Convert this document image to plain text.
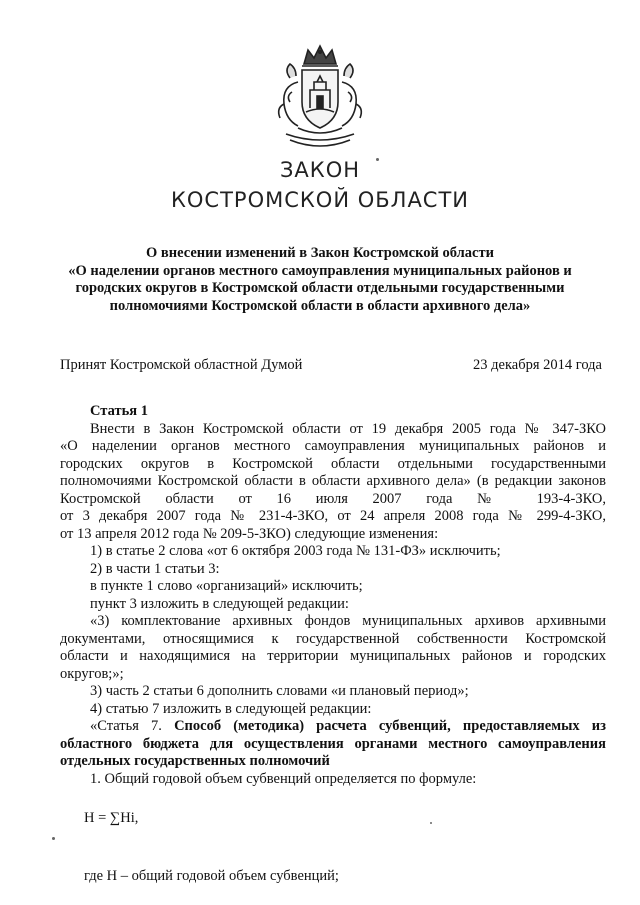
ЗАКОН
КОСТРОМСКОЙ ОБЛАСТИ
О внесении изменений в Закон Костромской области
«О наделении органов местного самоуправления муниципальных районов и
городских округов в Костромской области отдельными государственными
полномочиями Костромской области в области архивного дела»
Принят Костромской областной Думой	23 декабря 2014 года
Статья 1
Внести в Закон Костромской области от 19 декабря 2005 года № 347-ЗКО
«О наделении органов местного самоуправления муниципальных районов и
городских округов в Костромской области отдельными государственными
полномочиями Костромской области в области архивного дела» (в редакции законов
Костромской области от 16 июля 2007 года № 193-4-ЗКО,
от 3 декабря 2007 года № 231-4-ЗКО, от 24 апреля 2008 года № 299-4-ЗКО,
от 13 апреля 2012 года № 209-5-ЗКО) следующие изменения:
1) в статье 2 слова «от 6 октября 2003 года № 131-ФЗ» исключить;
2) в части 1 статьи 3:
в пункте 1 слово «организаций» исключить;
пункт 3 изложить в следующей редакции:
«3) комплектование архивных фондов муниципальных архивов архивными
документами, относящимися к государственной собственности Костромской
области и находящимися на территории муниципальных районов и городских
округов;»;
3) часть 2 статьи 6 дополнить словами «и плановый период»;
4) статью 7 изложить в следующей редакции:
«Статья 7. Способ (методика) расчета субвенций, предоставляемых из
областного бюджета для осуществления органами местного самоуправления
отдельных государственных полномочий
1. Общий годовой объем субвенций определяется по формуле:
Н = ∑Нi,
где Н – общий годовой объем субвенций;
